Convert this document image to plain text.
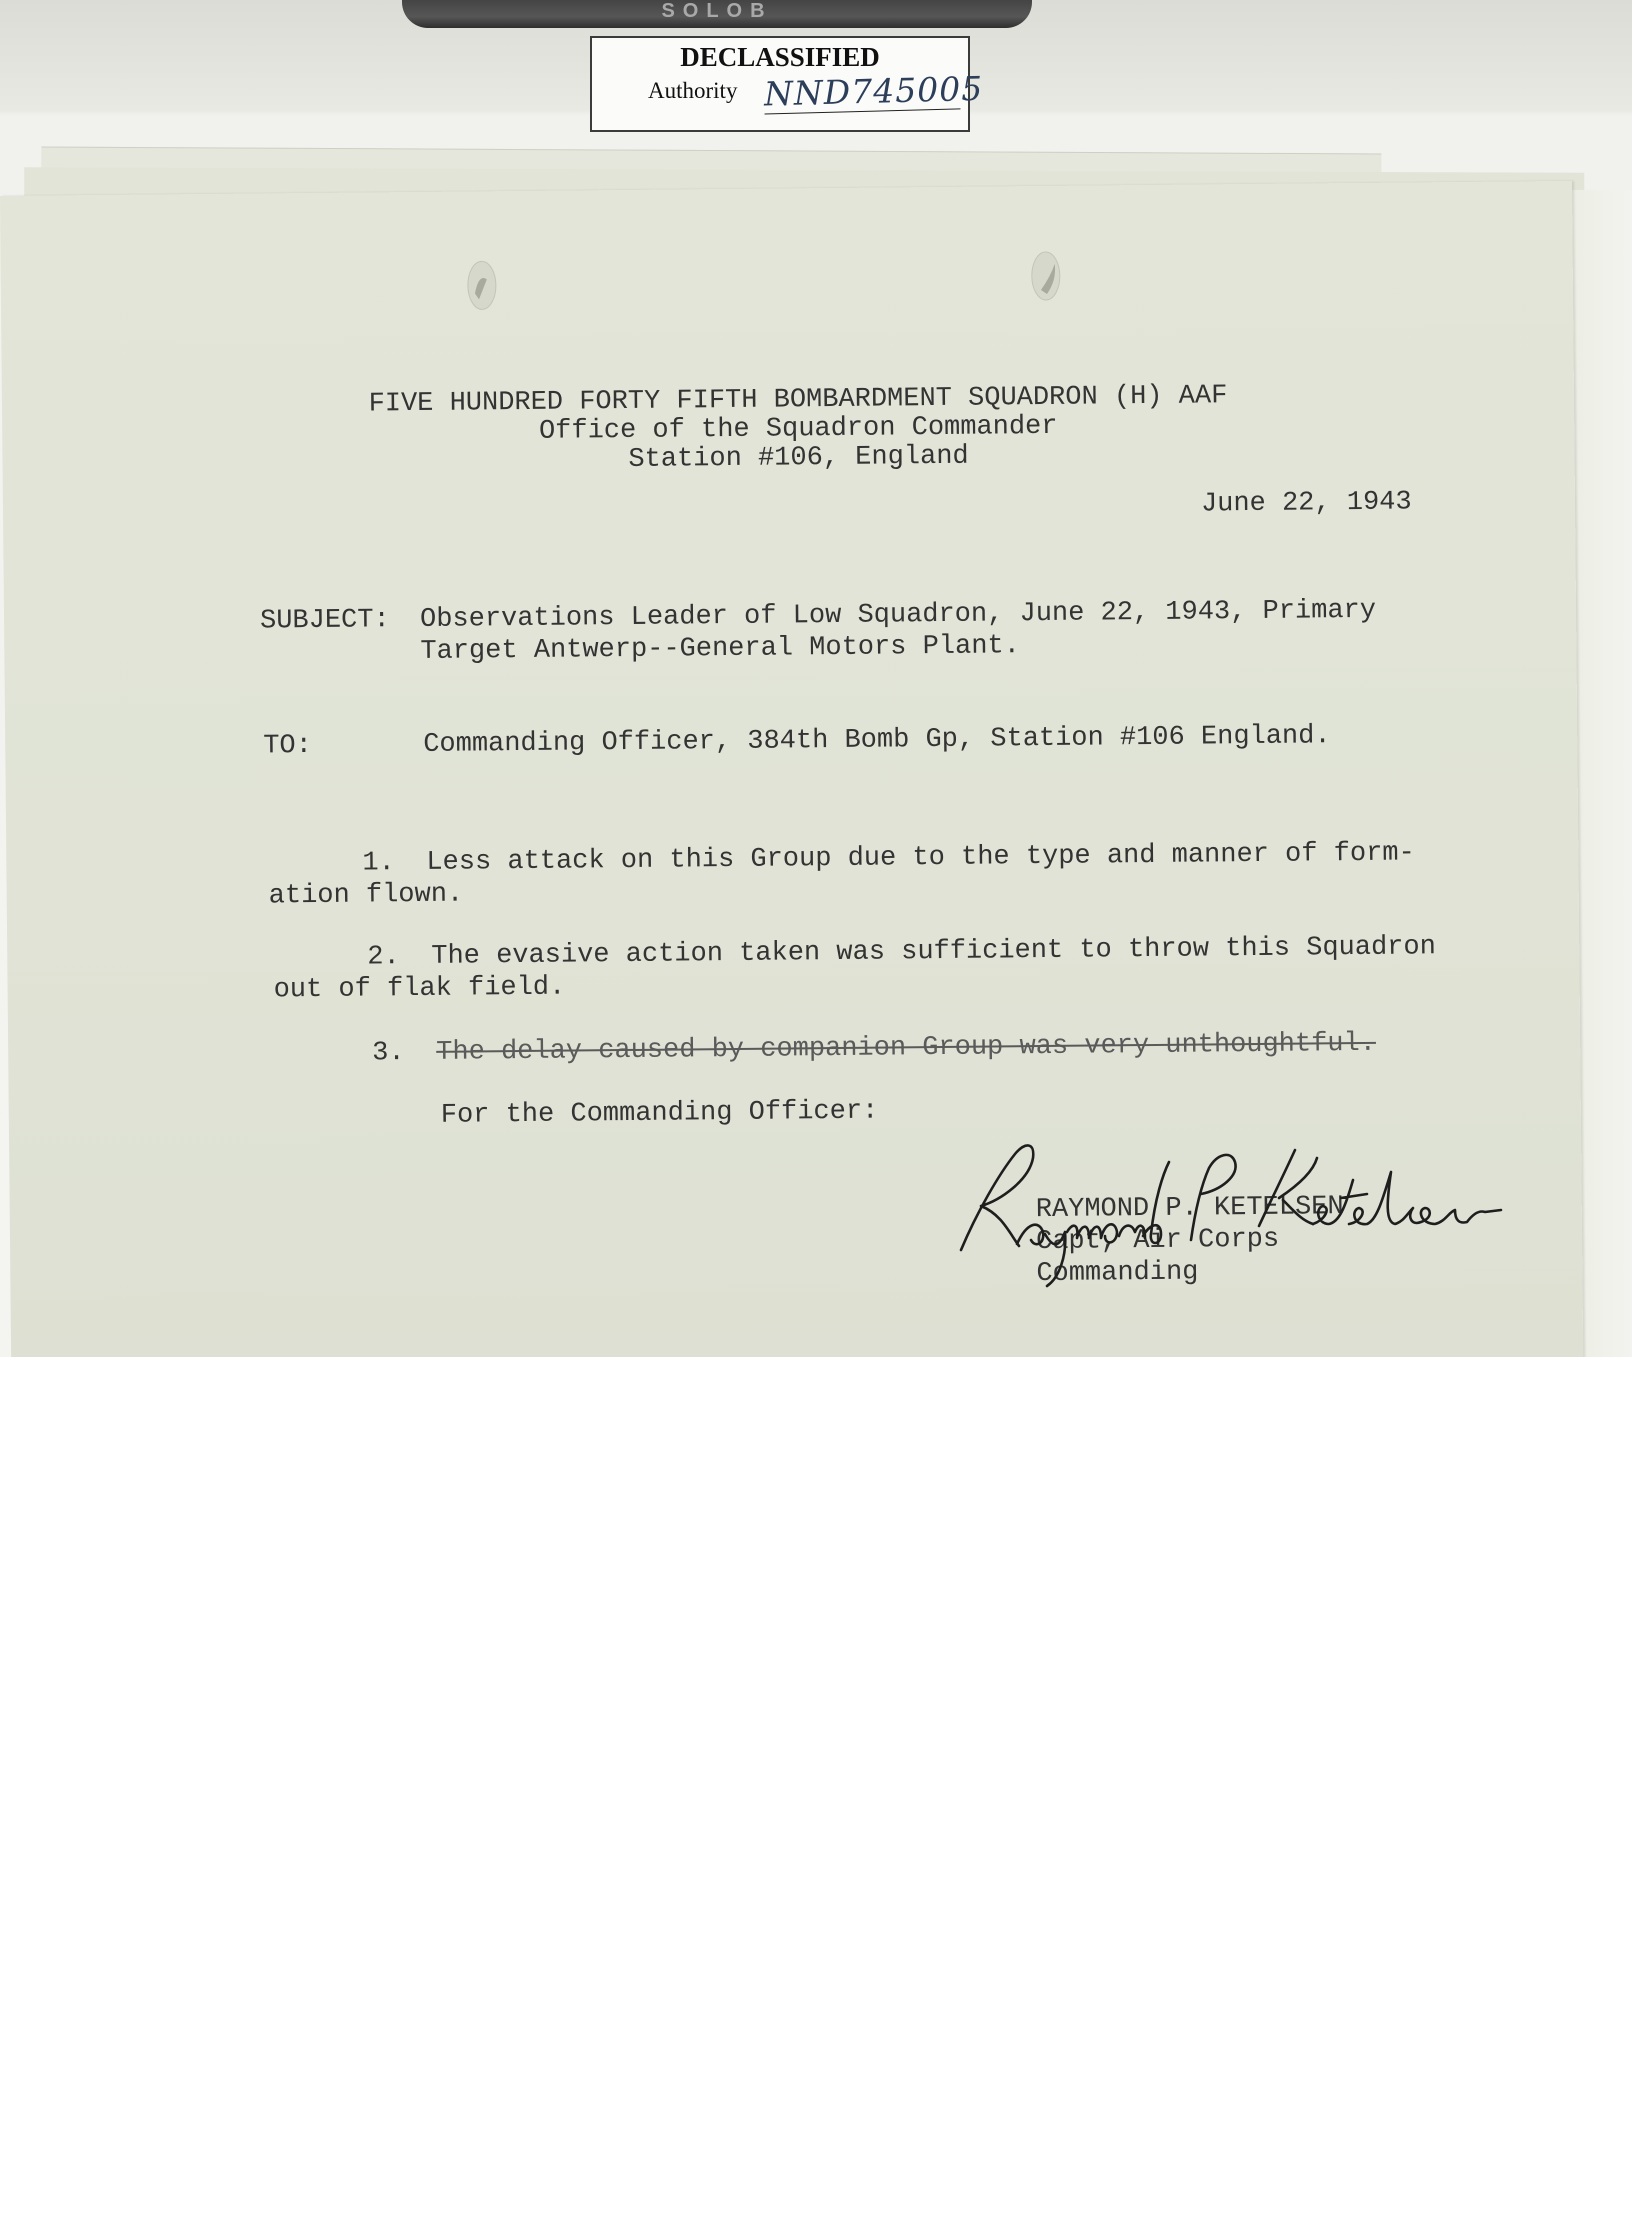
SOLOB
FIVE HUNDRED FORTY FIFTH BOMBARDMENT SQUADRON (H) AAF
Office of the Squadron Commander
Station #106, England
June 22, 1943
SUBJECT: Observations Leader of Low Squadron, June 22, 1943, Primary
Target Antwerp--General Motors Plant.
TO:	Commanding Officer, 384th Bomb Gp, Station #106 England.
1. Less attack on this Group due to the type and manner of form-
ation flown.
2. The evasive action taken was sufficient to throw this Squadron
out of flak field.
3. The delay caused by companion Group was very unthoughtful.
For the Commanding Officer:
RAYMOND P. KETELSEN
Capt, Air Corps
Commanding
DECLASSIFIED
Authority NND745005
